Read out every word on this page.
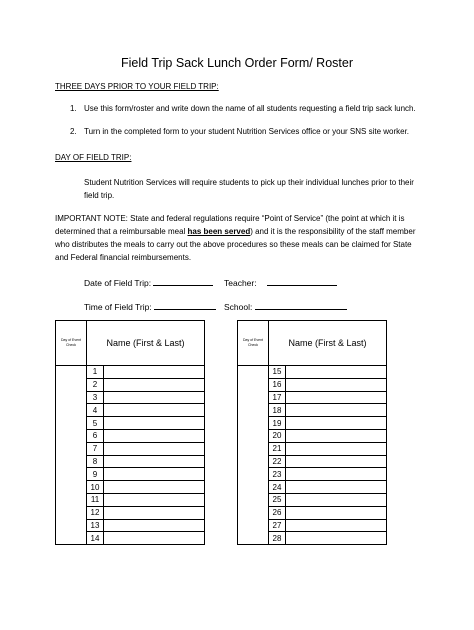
Field Trip Sack Lunch Order Form/ Roster
THREE DAYS PRIOR TO YOUR FIELD TRIP:
1. Use this form/roster and write down the name of all students requesting a field trip sack lunch.
2. Turn in the completed form to your student Nutrition Services office or your SNS site worker.
DAY OF FIELD TRIP:
Student Nutrition Services will require students to pick up their individual lunches prior to their
field trip.
IMPORTANT NOTE: State and federal regulations require “Point of Service” (the point at which it is
determined that a reimbursable meal has been served) and it is the responsibility of the staff member
who distributes the meals to carry out the above procedures so these meals can be claimed for State
and Federal financial reimbursements.
Date of Field Trip:	Teacher:
Time of Field Trip:	School:
Day of Event Check	Name (First & Last)	
	1	
	2	
	3	
	4	
	5	
	6	
	7	
	8	
	9	
	10	
	11	
	12	
	13	
	14	
Day of Event Check	Name (First & Last)	
	15	
	16	
	17	
	18	
	19	
	20	
	21	
	22	
	23	
	24	
	25	
	26	
	27	
	28	
